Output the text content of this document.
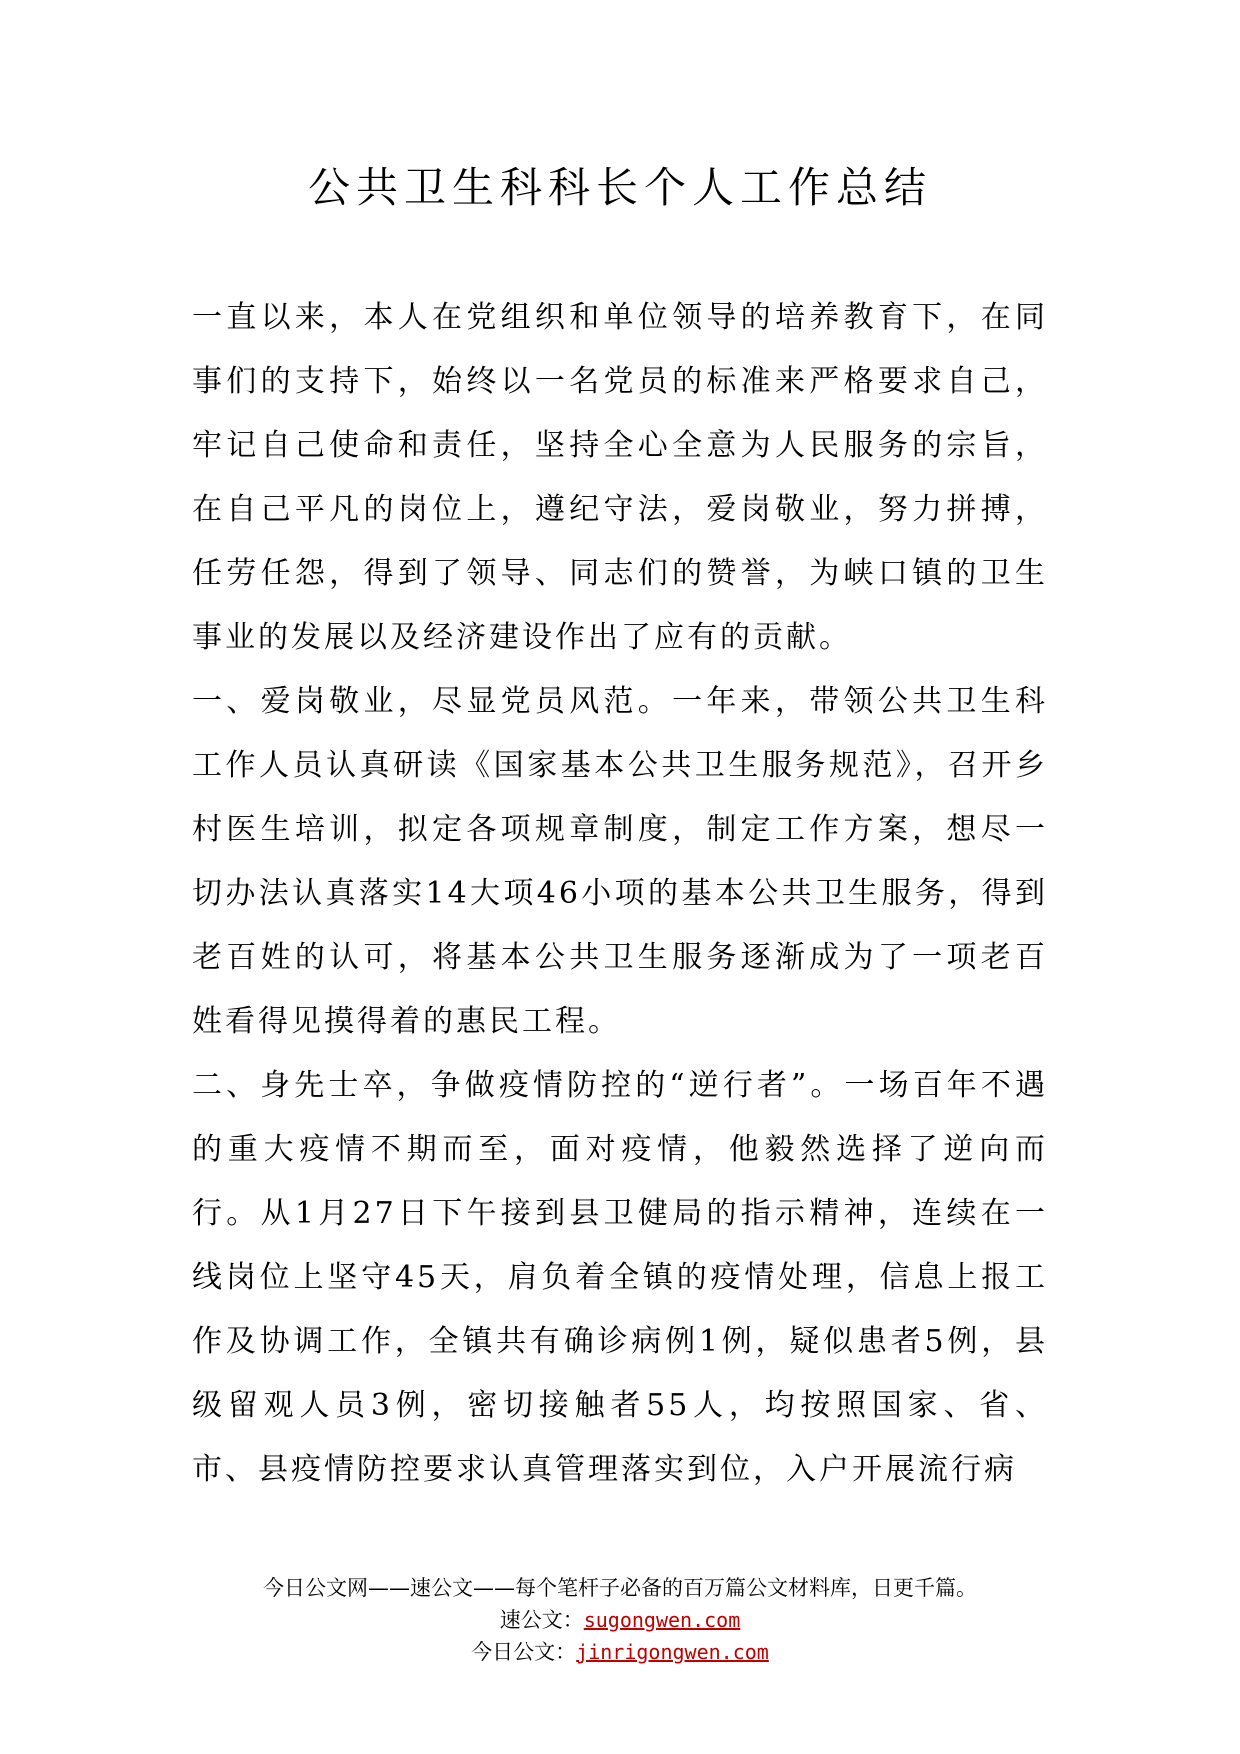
公共卫生科科长个人工作总结

一直以来，本人在党组织和单位领导的培养教育下，在同事们的支持下，始终以一名党员的标准来严格要求自己，牢记自己使命和责任，坚持全心全意为人民服务的宗旨，在自己平凡的岗位上，遵纪守法，爱岗敬业，努力拼搏，任劳任怨，得到了领导、同志们的赞誉，为峡口镇的卫生事业的发展以及经济建设作出了应有的贡献。

一、爱岗敬业，尽显党员风范。一年来，带领公共卫生科工作人员认真研读《国家基本公共卫生服务规范》，召开乡村医生培训，拟定各项规章制度，制定工作方案，想尽一切办法认真落实14大项46小项的基本公共卫生服务，得到老百姓的认可，将基本公共卫生服务逐渐成为了一项老百姓看得见摸得着的惠民工程。

二、身先士卒，争做疫情防控的“逆行者”。一场百年不遇的重大疫情不期而至，面对疫情，他毅然选择了逆向而行。从1月27日下午接到县卫健局的指示精神，连续在一线岗位上坚守45天，肩负着全镇的疫情处理，信息上报工作及协调工作，全镇共有确诊病例1例，疑似患者5例，县级留观人员3例，密切接触者55人，均按照国家、省、市、县疫情防控要求认真管理落实到位，入户开展流行病

今日公文网——速公文——每个笔杆子必备的百万篇公文材料库，日更千篇。
速公文：sugongwen.com
今日公文：jinrigongwen.com
